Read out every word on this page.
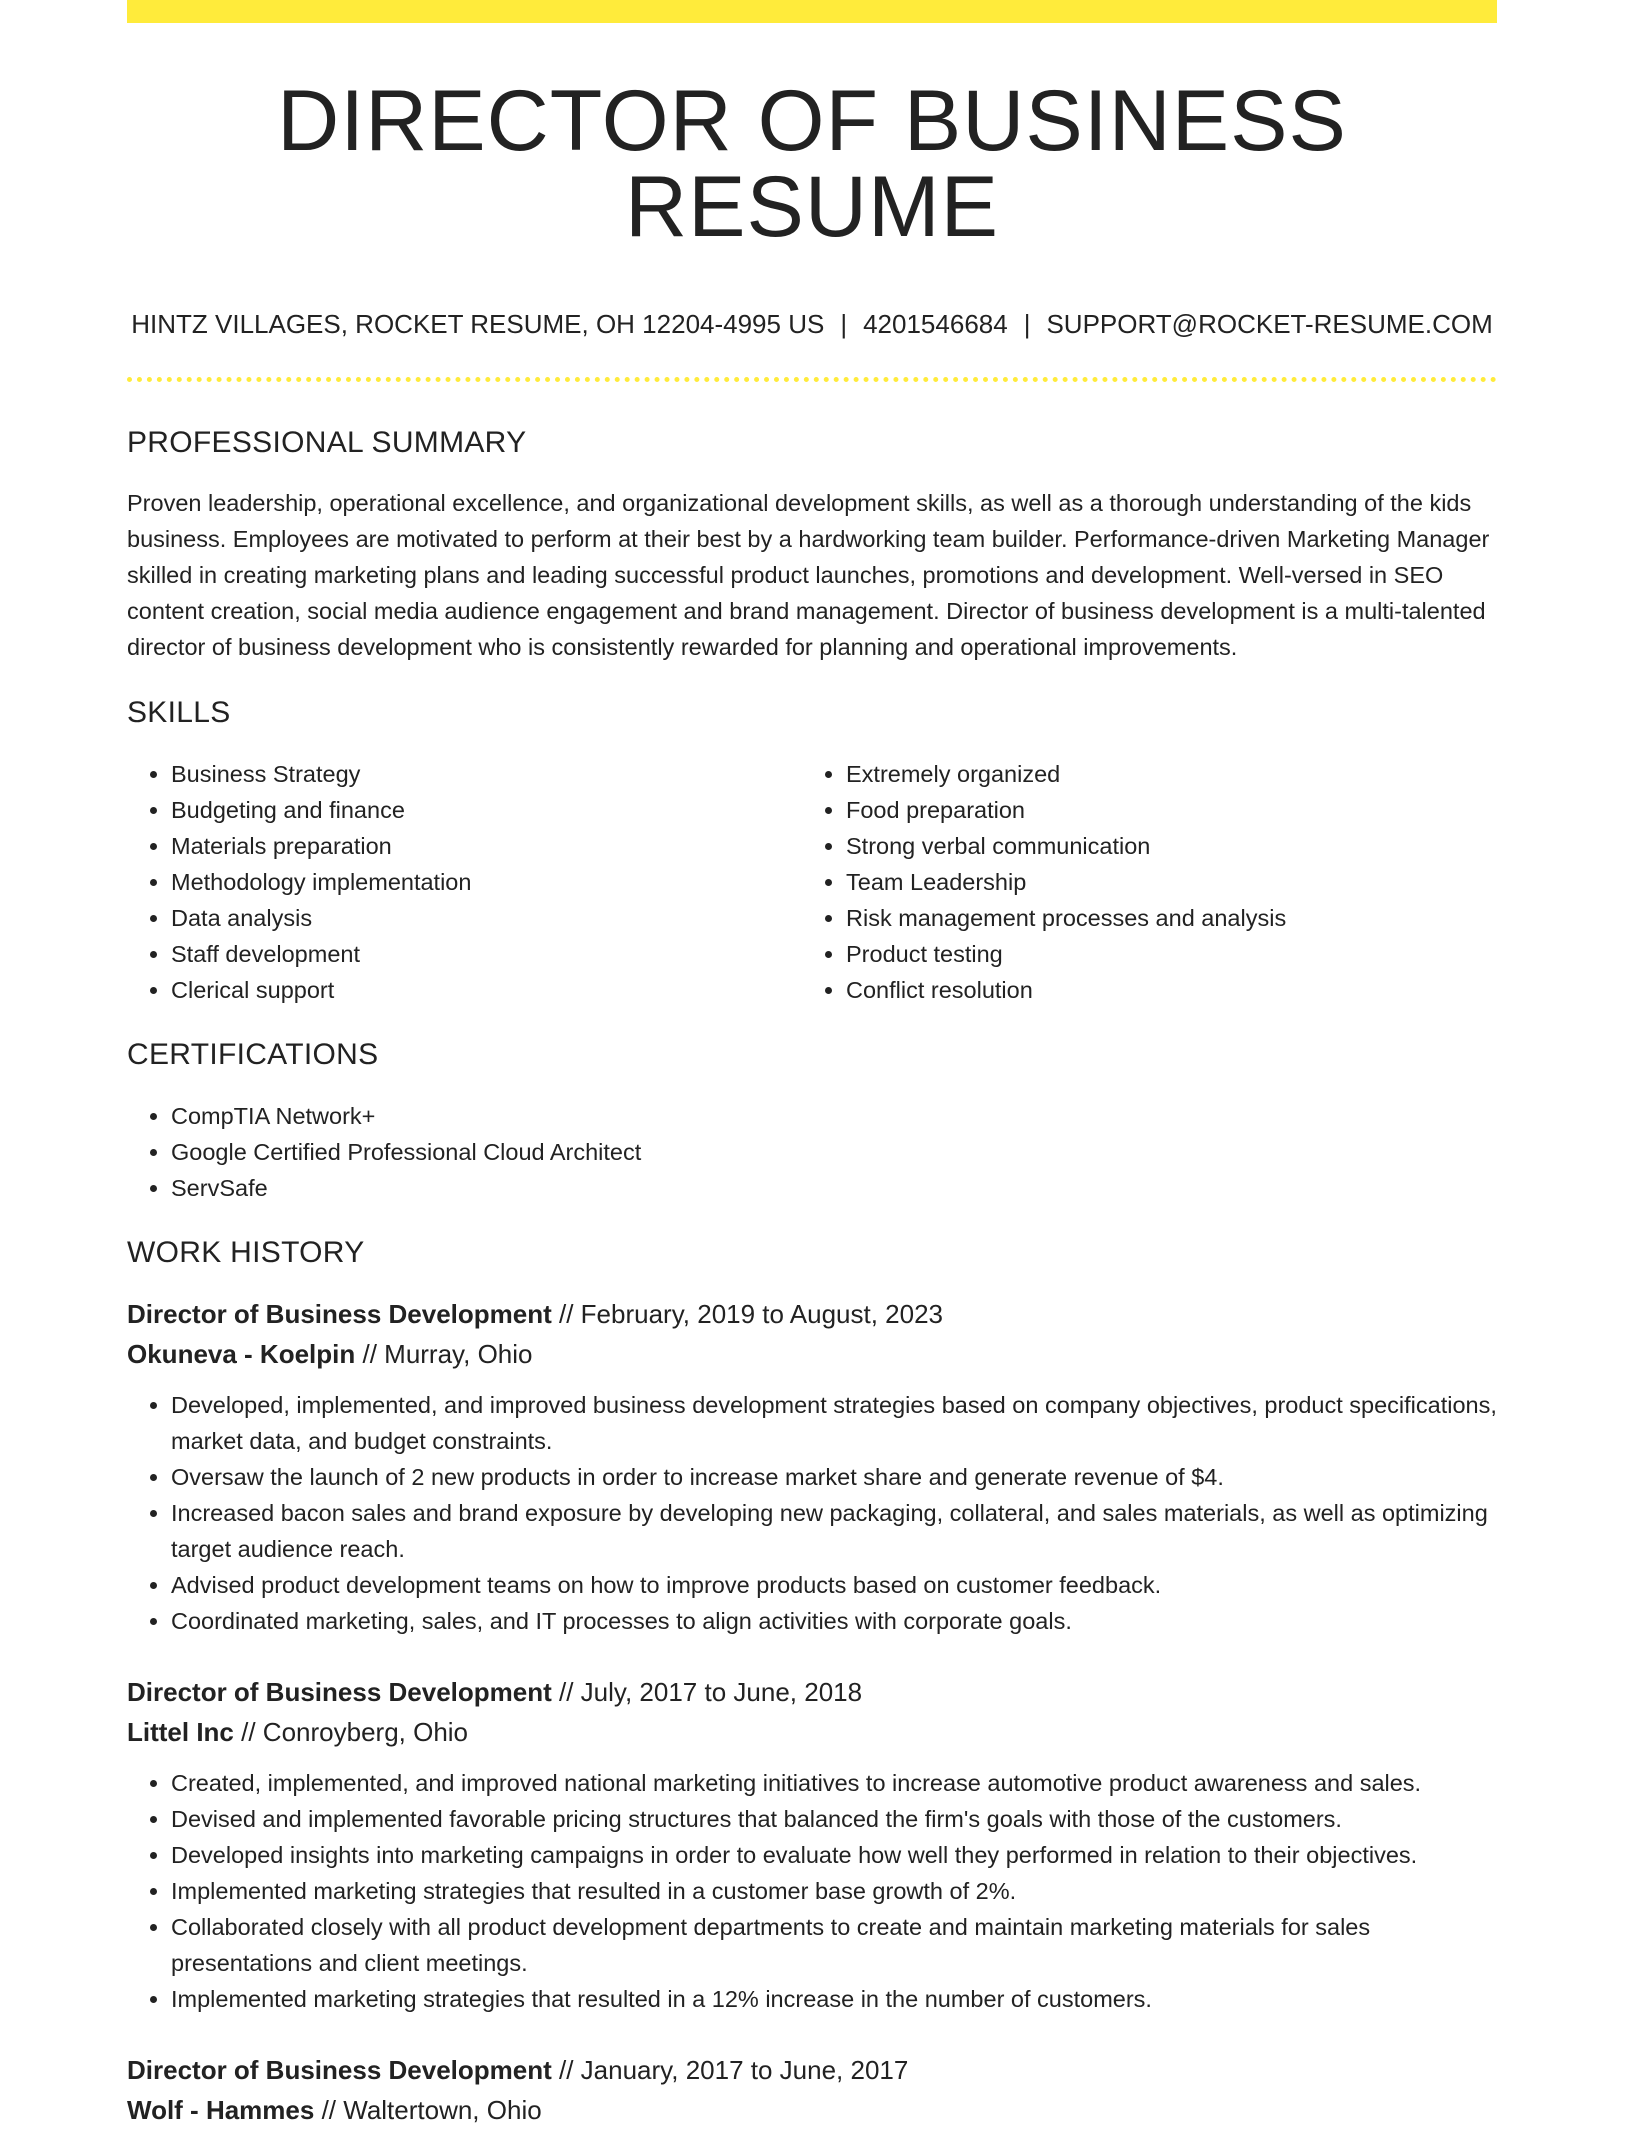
DIRECTOR OF BUSINESS RESUME
HINTZ VILLAGES, ROCKET RESUME, OH 12204-4995 US | 4201546684 | SUPPORT@ROCKET-RESUME.COM
PROFESSIONAL SUMMARY

Proven leadership, operational excellence, and organizational development skills, as well as a thorough understanding of the kids business. Employees are motivated to perform at their best by a hardworking team builder. Performance-driven Marketing Manager skilled in creating marketing plans and leading successful product launches, promotions and development. Well-versed in SEO content creation, social media audience engagement and brand management. Director of business development is a multi-talented director of business development who is consistently rewarded for planning and operational improvements.

SKILLS
• Business Strategy
• Budgeting and finance
• Materials preparation
• Methodology implementation
• Data analysis
• Staff development
• Clerical support
• Extremely organized
• Food preparation
• Strong verbal communication
• Team Leadership
• Risk management processes and analysis
• Product testing
• Conflict resolution
CERTIFICATIONS
• CompTIA Network+
• Google Certified Professional Cloud Architect
• ServSafe
WORK HISTORY
Director of Business Development // February, 2019 to August, 2023
Okuneva - Koelpin // Murray, Ohio
• Developed, implemented, and improved business development strategies based on company objectives, product specifications, market data, and budget constraints.
• Oversaw the launch of 2 new products in order to increase market share and generate revenue of $4.
• Increased bacon sales and brand exposure by developing new packaging, collateral, and sales materials, as well as optimizing target audience reach.
• Advised product development teams on how to improve products based on customer feedback.
• Coordinated marketing, sales, and IT processes to align activities with corporate goals.
Director of Business Development // July, 2017 to June, 2018
Littel Inc // Conroyberg, Ohio
• Created, implemented, and improved national marketing initiatives to increase automotive product awareness and sales.
• Devised and implemented favorable pricing structures that balanced the firm's goals with those of the customers.
• Developed insights into marketing campaigns in order to evaluate how well they performed in relation to their objectives.
• Implemented marketing strategies that resulted in a customer base growth of 2%.
• Collaborated closely with all product development departments to create and maintain marketing materials for sales presentations and client meetings.
• Implemented marketing strategies that resulted in a 12% increase in the number of customers.
Director of Business Development // January, 2017 to June, 2017
Wolf - Hammes // Waltertown, Ohio
